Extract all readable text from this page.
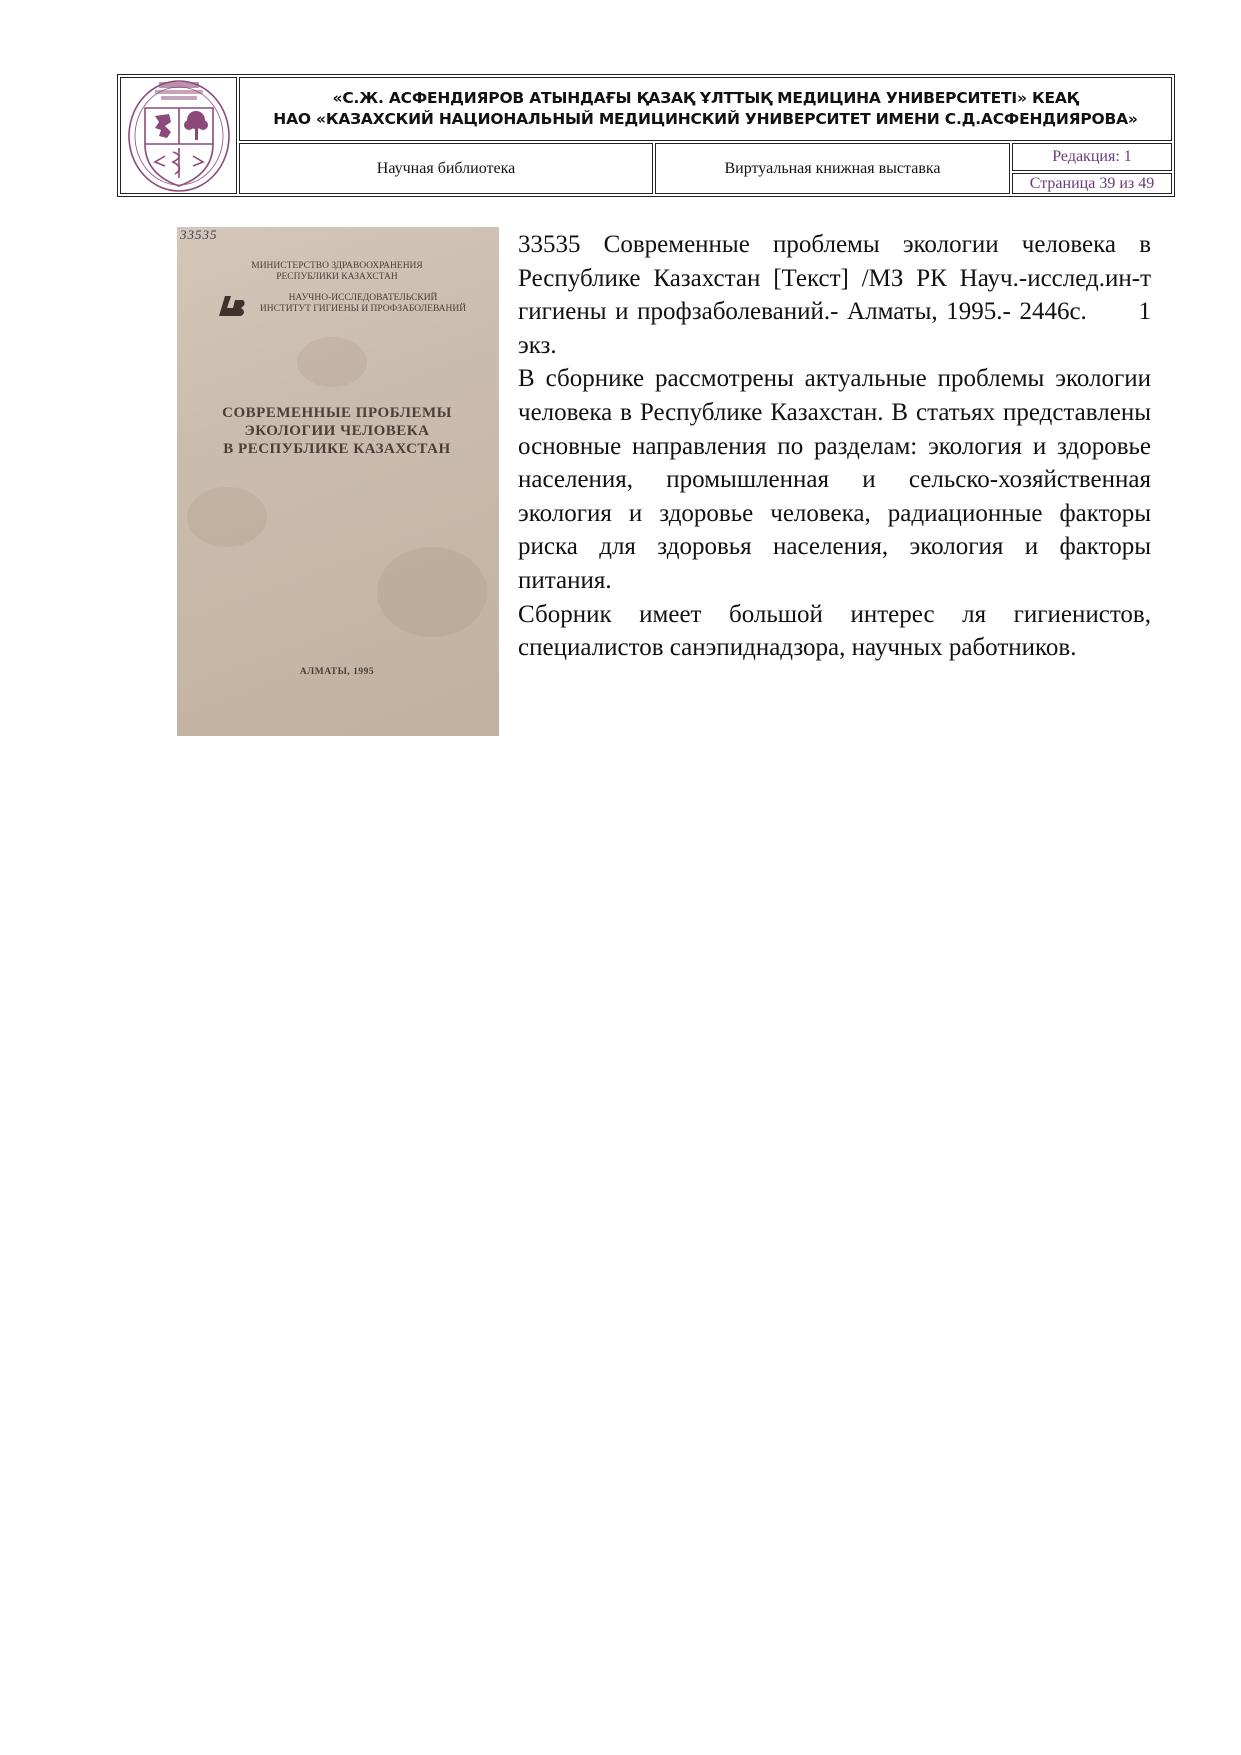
«С.Ж. АСФЕНДИЯРОВ АТЫНДАҒЫ ҚАЗАҚ ҰЛТТЫҚ МЕДИЦИНА УНИВЕРСИТЕТІ» КЕАҚ
НАО «КАЗАХСКИЙ НАЦИОНАЛЬНЫЙ МЕДИЦИНСКИЙ УНИВЕРСИТЕТ ИМЕНИ С.Д.АСФЕНДИЯРОВА»
Научная библиотека	Виртуальная книжная выставка
Редакция: 1
Страница 39 из 49
33535
МИНИСТЕРСТВО ЗДРАВООХРАНЕНИЯ
РЕСПУБЛИКИ КАЗАХСТАН
НАУЧНО-ИССЛЕДОВАТЕЛЬСКИЙ
ИНСТИТУТ ГИГИЕНЫ И ПРОФЗАБОЛЕВАНИЙ
СОВРЕМЕННЫЕ ПРОБЛЕМЫ
ЭКОЛОГИИ ЧЕЛОВЕКА
В РЕСПУБЛИКЕ КАЗАХСТАН
АЛМАТЫ, 1995

33535 Современные проблемы экологии человека в Республике Казахстан [Текст] /МЗ РК Науч.-исслед.ин-т гигиены и профзаболеваний.- Алматы, 1995.- 2446с.      1 экз.

В сборнике рассмотрены актуальные проблемы экологии человека в Республике Казахстан. В статьях представлены основные направления по разделам: экология и здоровье населения, промышленная и сельско-хозяйственная экология и здоровье человека, радиационные факторы риска для здоровья населения, экология и факторы питания.

Сборник имеет большой интерес ля гигиенистов, специалистов санэпиднадзора, научных работников.
